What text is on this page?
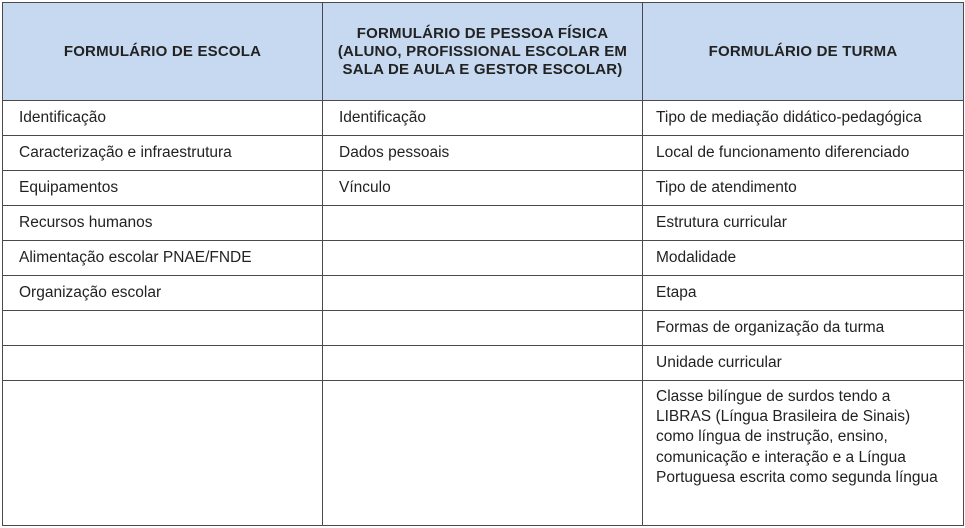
FORMULÁRIO DE ESCOLA	FORMULÁRIO DE PESSOA FÍSICA (ALUNO, PROFISSIONAL ESCOLAR EM SALA DE AULA E GESTOR ESCOLAR)	FORMULÁRIO DE TURMA
Identificação	Identificação	Tipo de mediação didático-pedagógica
Caracterização e infraestrutura	Dados pessoais	Local de funcionamento diferenciado
Equipamentos	Vínculo	Tipo de atendimento
Recursos humanos		Estrutura curricular
Alimentação escolar PNAE/FNDE		Modalidade
Organização escolar		Etapa
		Formas de organização da turma
		Unidade curricular
		Classe bilíngue de surdos tendo a LIBRAS (Língua Brasileira de Sinais) como língua de instrução, ensino, comunicação e interação e a Língua Portuguesa escrita como segunda língua
